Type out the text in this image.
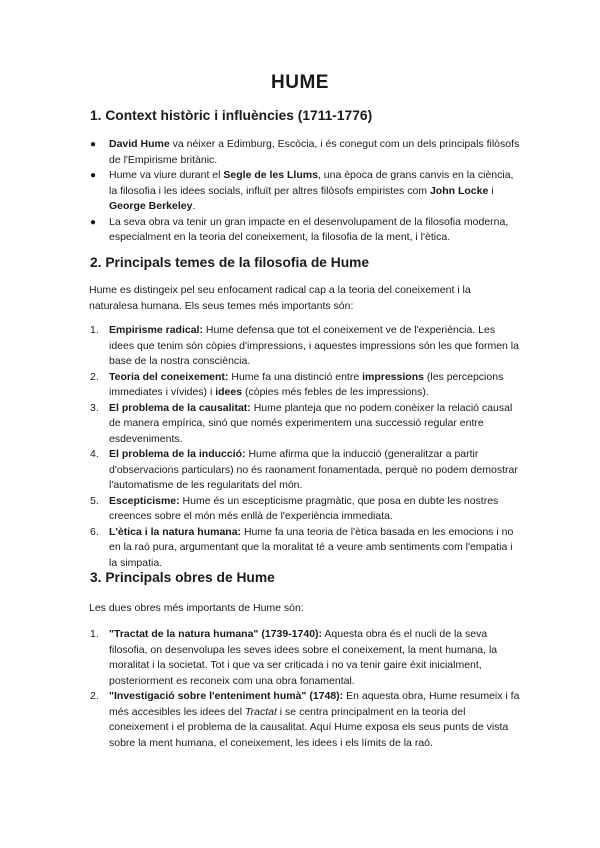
HUME
1. Context històric i influències (1711-1776)
● David Hume va néixer a Edimburg, Escòcia, i és conegut com un dels principals filòsofs de l'Empirisme britànic.
● Hume va viure durant el Segle de les Llums, una època de grans canvis en la ciència, la filosofia i les idees socials, influït per altres filòsofs empiristes com John Locke i George Berkeley.
● La seva obra va tenir un gran impacte en el desenvolupament de la filosofia moderna, especialment en la teoria del coneixement, la filosofia de la ment, i l'ètica.
2. Principals temes de la filosofia de Hume

Hume es distingeix pel seu enfocament radical cap a la teoria del coneixement i la naturalesa humana. Els seus temes més importants són:

1. Empirisme radical: Hume defensa que tot el coneixement ve de l'experiència. Les idees que tenim són còpies d'impressions, i aquestes impressions són les que formen la base de la nostra consciència.
2. Teoria del coneixement: Hume fa una distinció entre impressions (les percepcions immediates i vívides) i idees (còpies més febles de les impressions).
3. El problema de la causalitat: Hume planteja que no podem conèixer la relació causal de manera empírica, sinó que només experimentem una successió regular entre esdeveniments.
4. El problema de la inducció: Hume afirma que la inducció (generalitzar a partir d'observacions particulars) no és raonament fonamentada, perquè no podem demostrar l'automatisme de les regularitats del món.
5. Escepticisme: Hume és un escepticisme pragmàtic, que posa en dubte les nostres creences sobre el món més enllà de l'experiència immediata.
6. L'ètica i la natura humana: Hume fa una teoria de l'ètica basada en les emocions i no en la raó pura, argumentant que la moralitat té a veure amb sentiments com l'empatia i la simpatia.
3. Principals obres de Hume

Les dues obres més importants de Hume són:

1. "Tractat de la natura humana" (1739-1740): Aquesta obra és el nucli de la seva filosofia, on desenvolupa les seves idees sobre el coneixement, la ment humana, la moralitat i la societat. Tot i que va ser criticada i no va tenir gaire èxit inicialment, posteriorment es reconeix com una obra fonamental.
2. "Investigació sobre l'enteniment humà" (1748): En aquesta obra, Hume resumeix i fa més accesibles les idees del Tractat i se centra principalment en la teoria del coneixement i el problema de la causalitat. Aquí Hume exposa els seus punts de vista sobre la ment humana, el coneixement, les idees i els límits de la raó.
